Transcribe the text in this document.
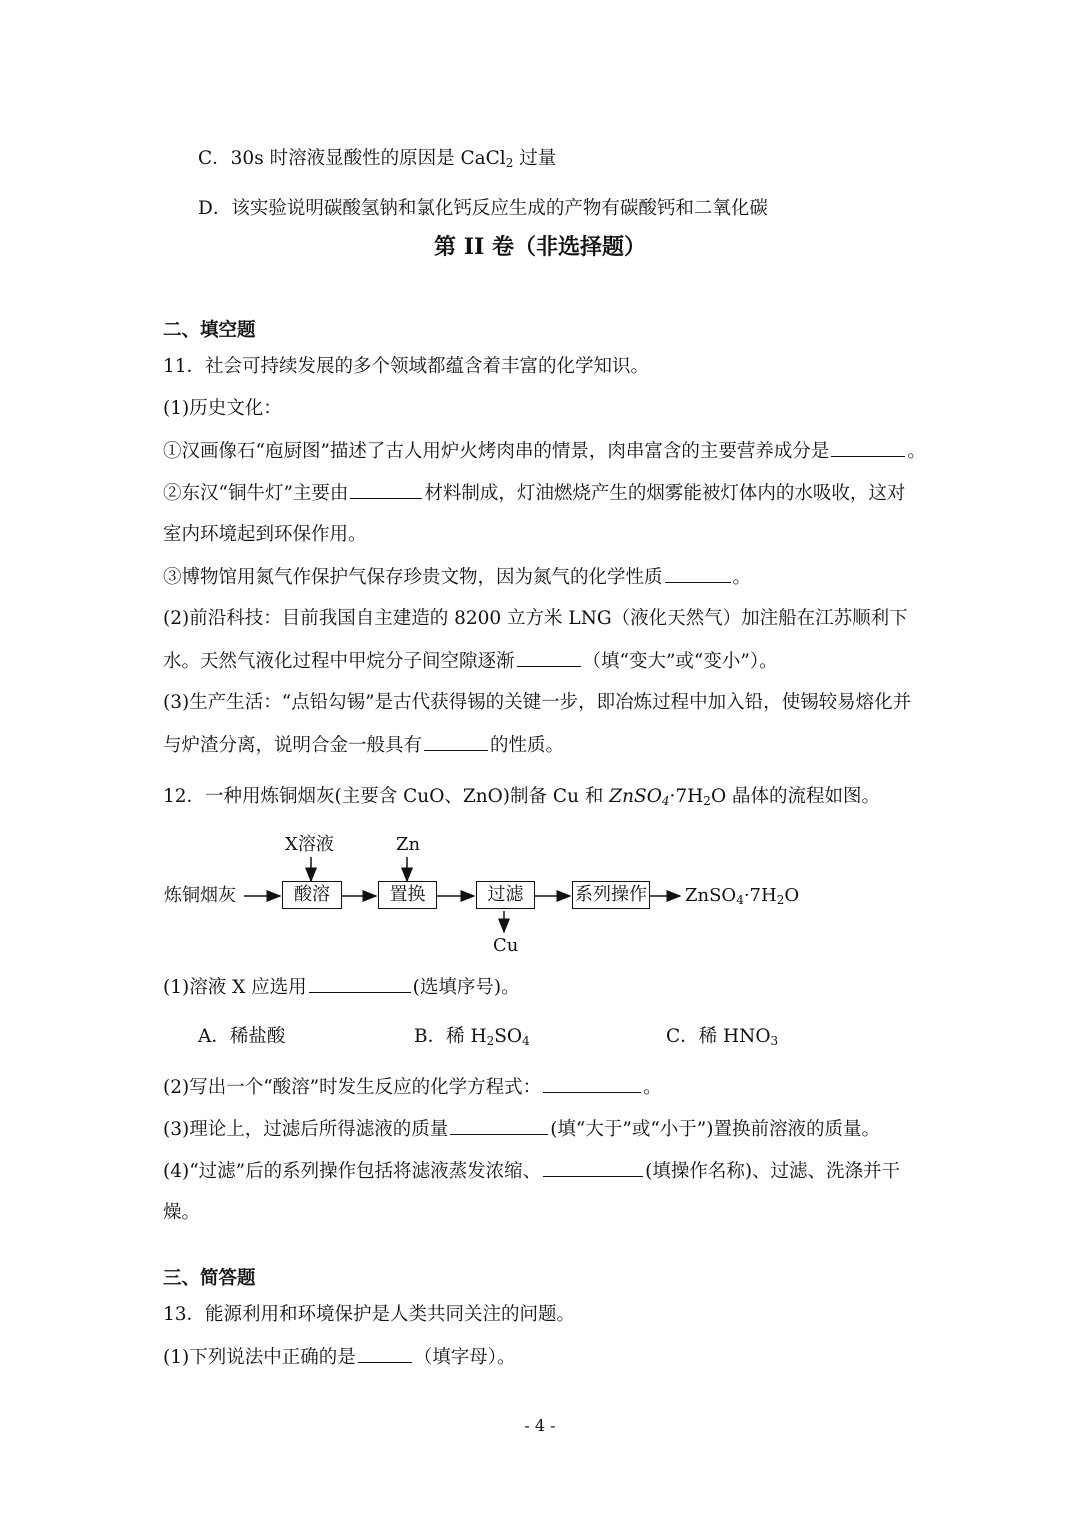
C．30s 时溶液显酸性的原因是 CaCl$_2$ 过量
D．该实验说明碳酸氢钠和氯化钙反应生成的产物有碳酸钙和二氧化碳
第 II 卷（非选择题）
二、填空题
11．社会可持续发展的多个领域都蕴含着丰富的化学知识。
(1)历史文化：
①汉画像石“庖厨图”描述了古人用炉火烤肉串的情景，肉串富含的主要营养成分是	。
②东汉“铜牛灯”主要由	材料制成，灯油燃烧产生的烟雾能被灯体内的水吸收，这对
室内环境起到环保作用。
③博物馆用氮气作保护气保存珍贵文物，因为氮气的化学性质	。
(2)前沿科技：目前我国自主建造的 8200 立方米 LNG（液化天然气）加注船在江苏顺利下
水。天然气液化过程中甲烷分子间空隙逐渐	（填“变大”或“变小”）。
(3)生产生活：“点铅勾锡”是古代获得锡的关键一步，即冶炼过程中加入铅，使锡较易熔化并
与炉渣分离，说明合金一般具有	的性质。
12．一种用炼铜烟灰(主要含 CuO、ZnO)制备 Cu 和 $ZnSO_4\cdot 7H_2O$ 晶体的流程如图。
炼铜烟灰
X溶液	Zn
酸溶	置换	过滤	系列操作 $ZnSO_4\cdot 7H_2O$
Cu
(1)溶液 X 应选用	(选填序号)。
A．稀盐酸	B．稀 $H_2SO_4$	C．稀 $HNO_3$
(2)写出一个“酸溶”时发生反应的化学方程式：	。
(3)理论上，过滤后所得滤液的质量	(填“大于”或“小于”)置换前溶液的质量。
(4)“过滤”后的系列操作包括将滤液蒸发浓缩、	(填操作名称)、过滤、洗涤并干
燥。
三、简答题
13．能源利用和环境保护是人类共同关注的问题。
(1)下列说法中正确的是	（填字母）。
- 4 -
